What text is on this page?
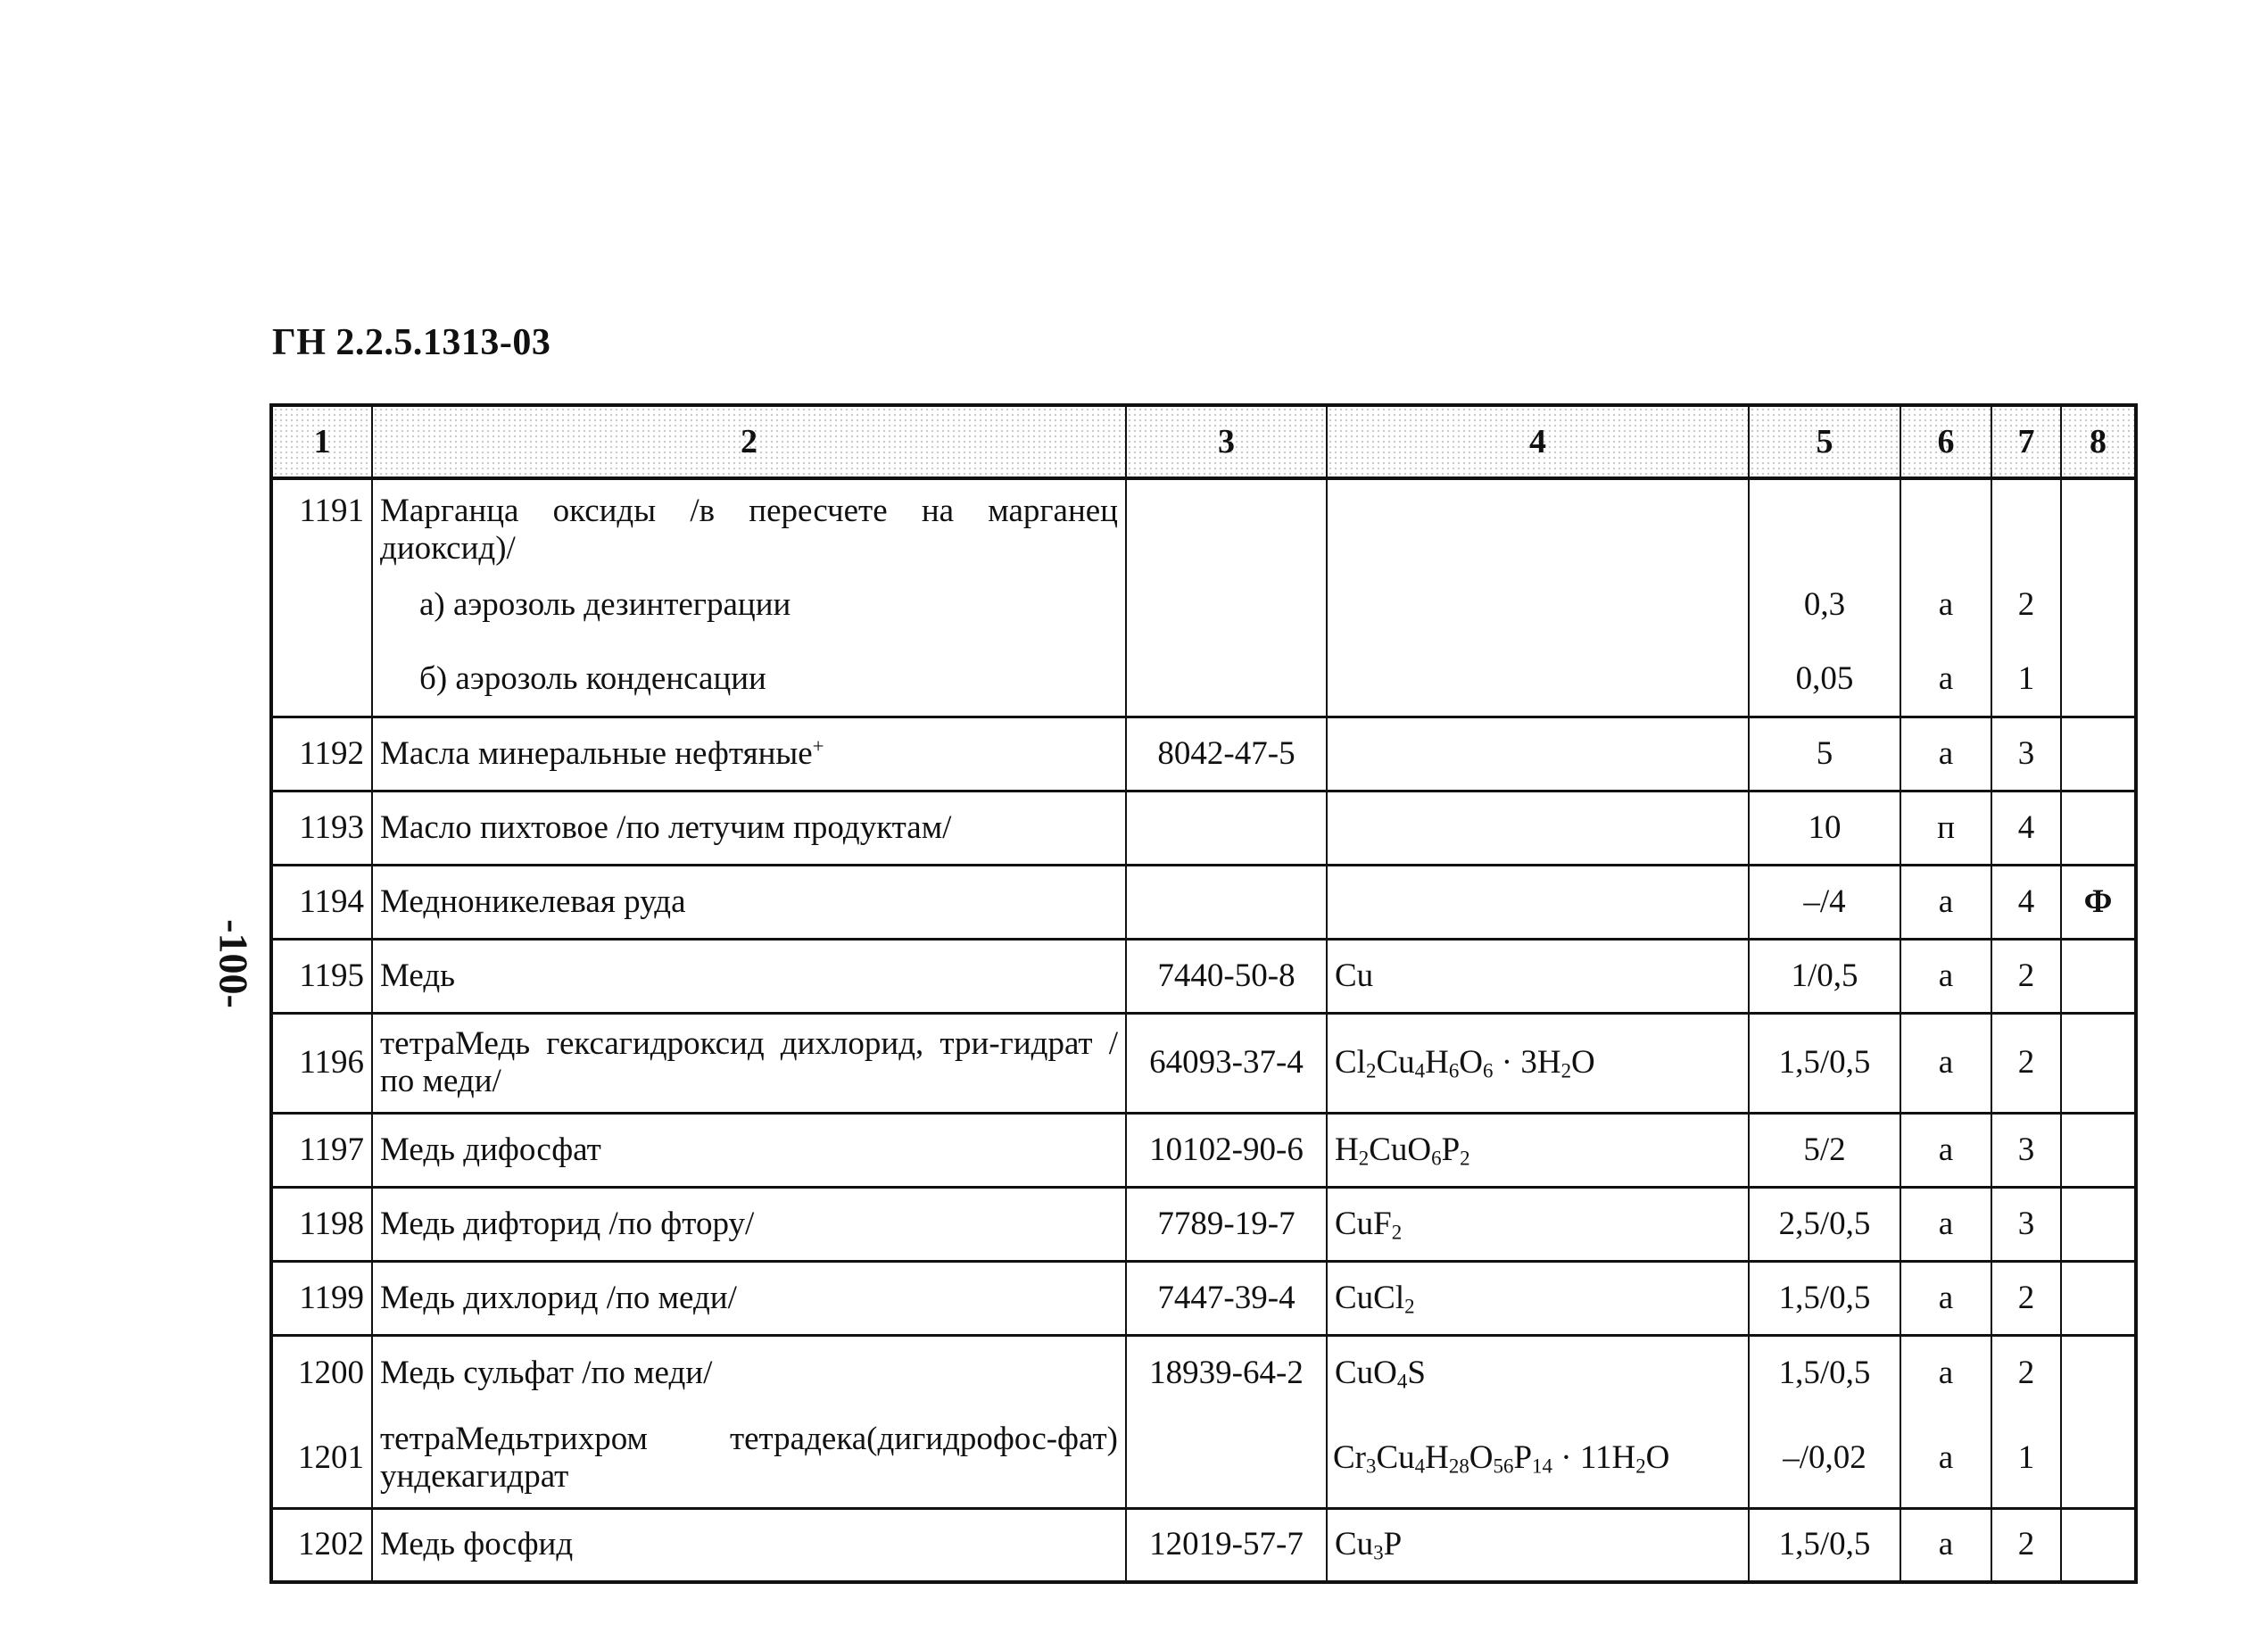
ГН 2.2.5.1313-03
-100-
1	2	3	4	5	6	7	8
1191	Марганца оксиды /в пересчете на марганец диоксид)/						
	а) аэрозоль дезинтеграции			0,3	а	2	
	б) аэрозоль конденсации			0,05	а	1	
1192	Масла минеральные нефтяные+	8042-47-5		5	а	3	
1193	Масло пихтовое /по летучим продуктам/			10	п	4	
1194	Медноникелевая руда			–/4	а	4	Ф
1195	Медь	7440-50-8	Cu	1/0,5	а	2	
1196	тетраМедь гексагидроксид дихлорид, три-гидрат /по меди/	64093-37-4	$Cl_2Cu_4H_6O_6 \cdot 3H_2O$	1,5/0,5	а	2	
1197	Медь дифосфат	10102-90-6	$H_2CuO_6P_2$	5/2	а	3	
1198	Медь дифторид /по фтору/	7789-19-7	CuF$_2$	2,5/0,5	а	3	
1199	Медь дихлорид /по меди/	7447-39-4	CuCl$_2$	1,5/0,5	а	2	
1200	Медь сульфат /по меди/	18939-64-2	CuO$_4$S	1,5/0,5	а	2	
1201	тетраМедьтрихром тетрадека(дигидрофос-фат) ундекагидрат		$Cr_3Cu_4H_{28}O_{56}P_{14} \cdot 11H_2O$	–/0,02	а	1	
1202	Медь фосфид	12019-57-7	$Cu_3P$	1,5/0,5	а	2	
